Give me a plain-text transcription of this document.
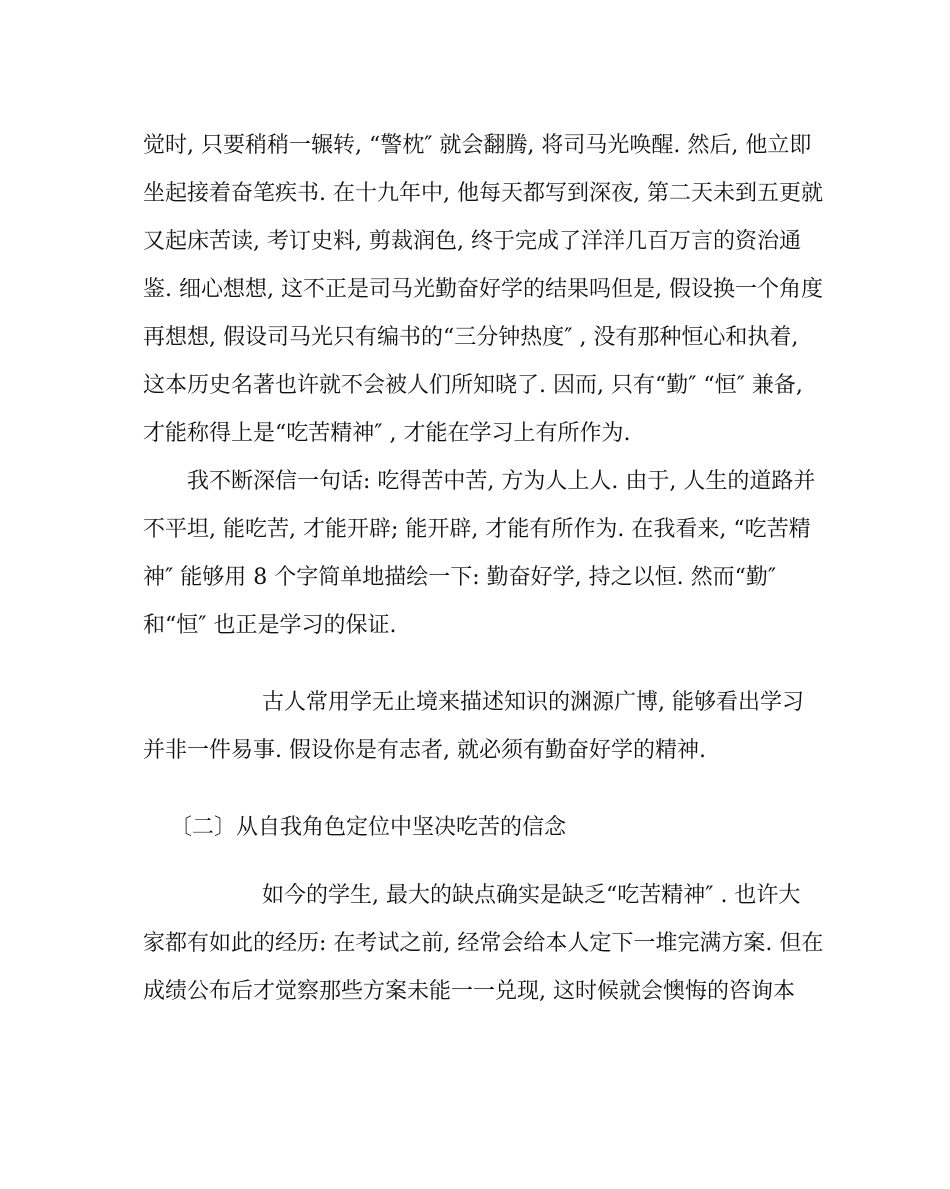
觉时, 只要稍稍一辗转, “警枕″ 就会翻腾, 将司马光唤醒. 然后, 他立即
坐起接着奋笔疾书. 在十九年中, 他每天都写到深夜, 第二天未到五更就
又起床苦读, 考订史料, 剪裁润色, 终于完成了洋洋几百万言的资治通
鉴. 细心想想, 这不正是司马光勤奋好学的结果吗但是, 假设换一个角度
再想想, 假设司马光只有编书的“三分钟热度″ , 没有那种恒心和执着,
这本历史名著也许就不会被人们所知晓了. 因而, 只有“勤″ “恒″ 兼备,
才能称得上是“吃苦精神″ , 才能在学习上有所作为.
我不断深信一句话: 吃得苦中苦, 方为人上人. 由于, 人生的道路并
不平坦, 能吃苦, 才能开辟; 能开辟, 才能有所作为. 在我看来, “吃苦精
神″ 能够用 8 个字简单地描绘一下: 勤奋好学, 持之以恒. 然而“勤″
和“恒″ 也正是学习的保证.
古人常用学无止境来描述知识的渊源广博, 能够看出学习
并非一件易事. 假设你是有志者, 就必须有勤奋好学的精神.
〔二〕从自我角色定位中坚决吃苦的信念
如今的学生, 最大的缺点确实是缺乏“吃苦精神″ . 也许大
家都有如此的经历: 在考试之前, 经常会给本人定下一堆完满方案. 但在
成绩公布后才觉察那些方案未能一一兑现, 这时候就会懊悔的咨询本
